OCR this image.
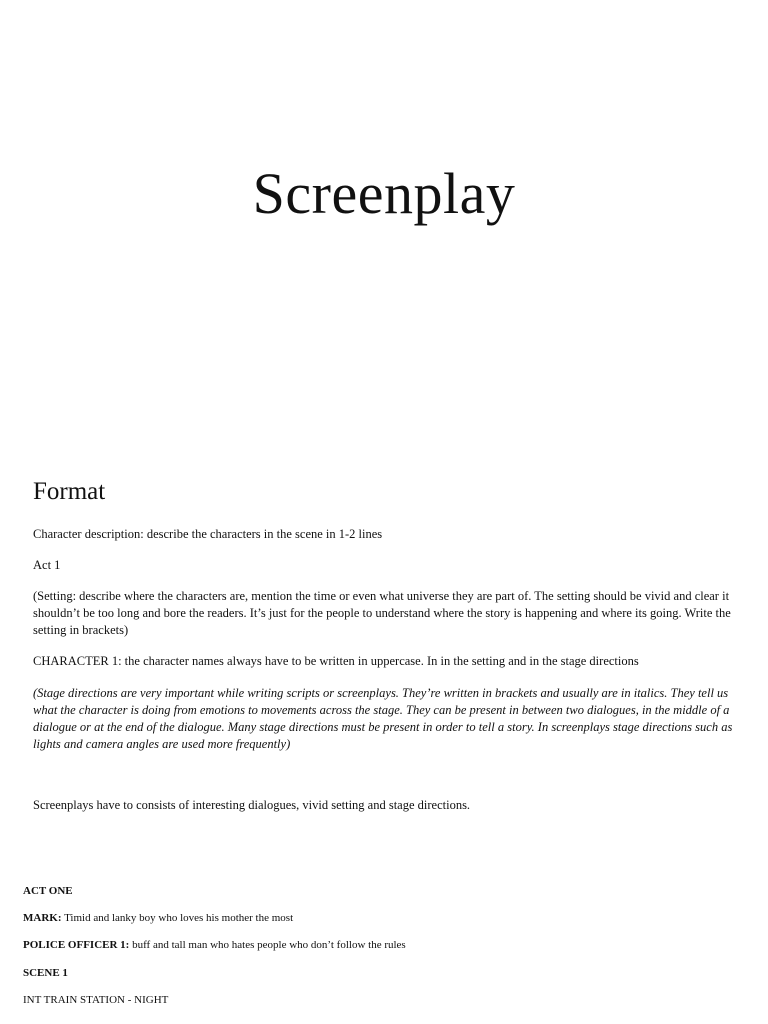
Screenplay
Format

Character description: describe the characters in the scene in 1-2 lines

Act 1

(Setting: describe where the characters are, mention the time or even what universe they are part of. The setting should be vivid and clear it shouldn’t be too long and bore the readers. It’s just for the people to understand where the story is happening and where its going. Write the setting in brackets)

CHARACTER 1: the character names always have to be written in uppercase. In in the setting and in the stage directions

(Stage directions are very important while writing scripts or screenplays. They’re written in brackets and usually are in italics. They tell us what the character is doing from emotions to movements across the stage. They can be present in between two dialogues, in the middle of a dialogue or at the end of the dialogue. Many stage directions must be present in order to tell a story. In screenplays stage directions such as lights and camera angles are used more frequently)

Screenplays have to consists of interesting dialogues, vivid setting and stage directions.

ACT ONE

MARK: Timid and lanky boy who loves his mother the most

POLICE OFFICER 1: buff and tall man who hates people who don’t follow the rules

SCENE 1

INT TRAIN STATION - NIGHT
